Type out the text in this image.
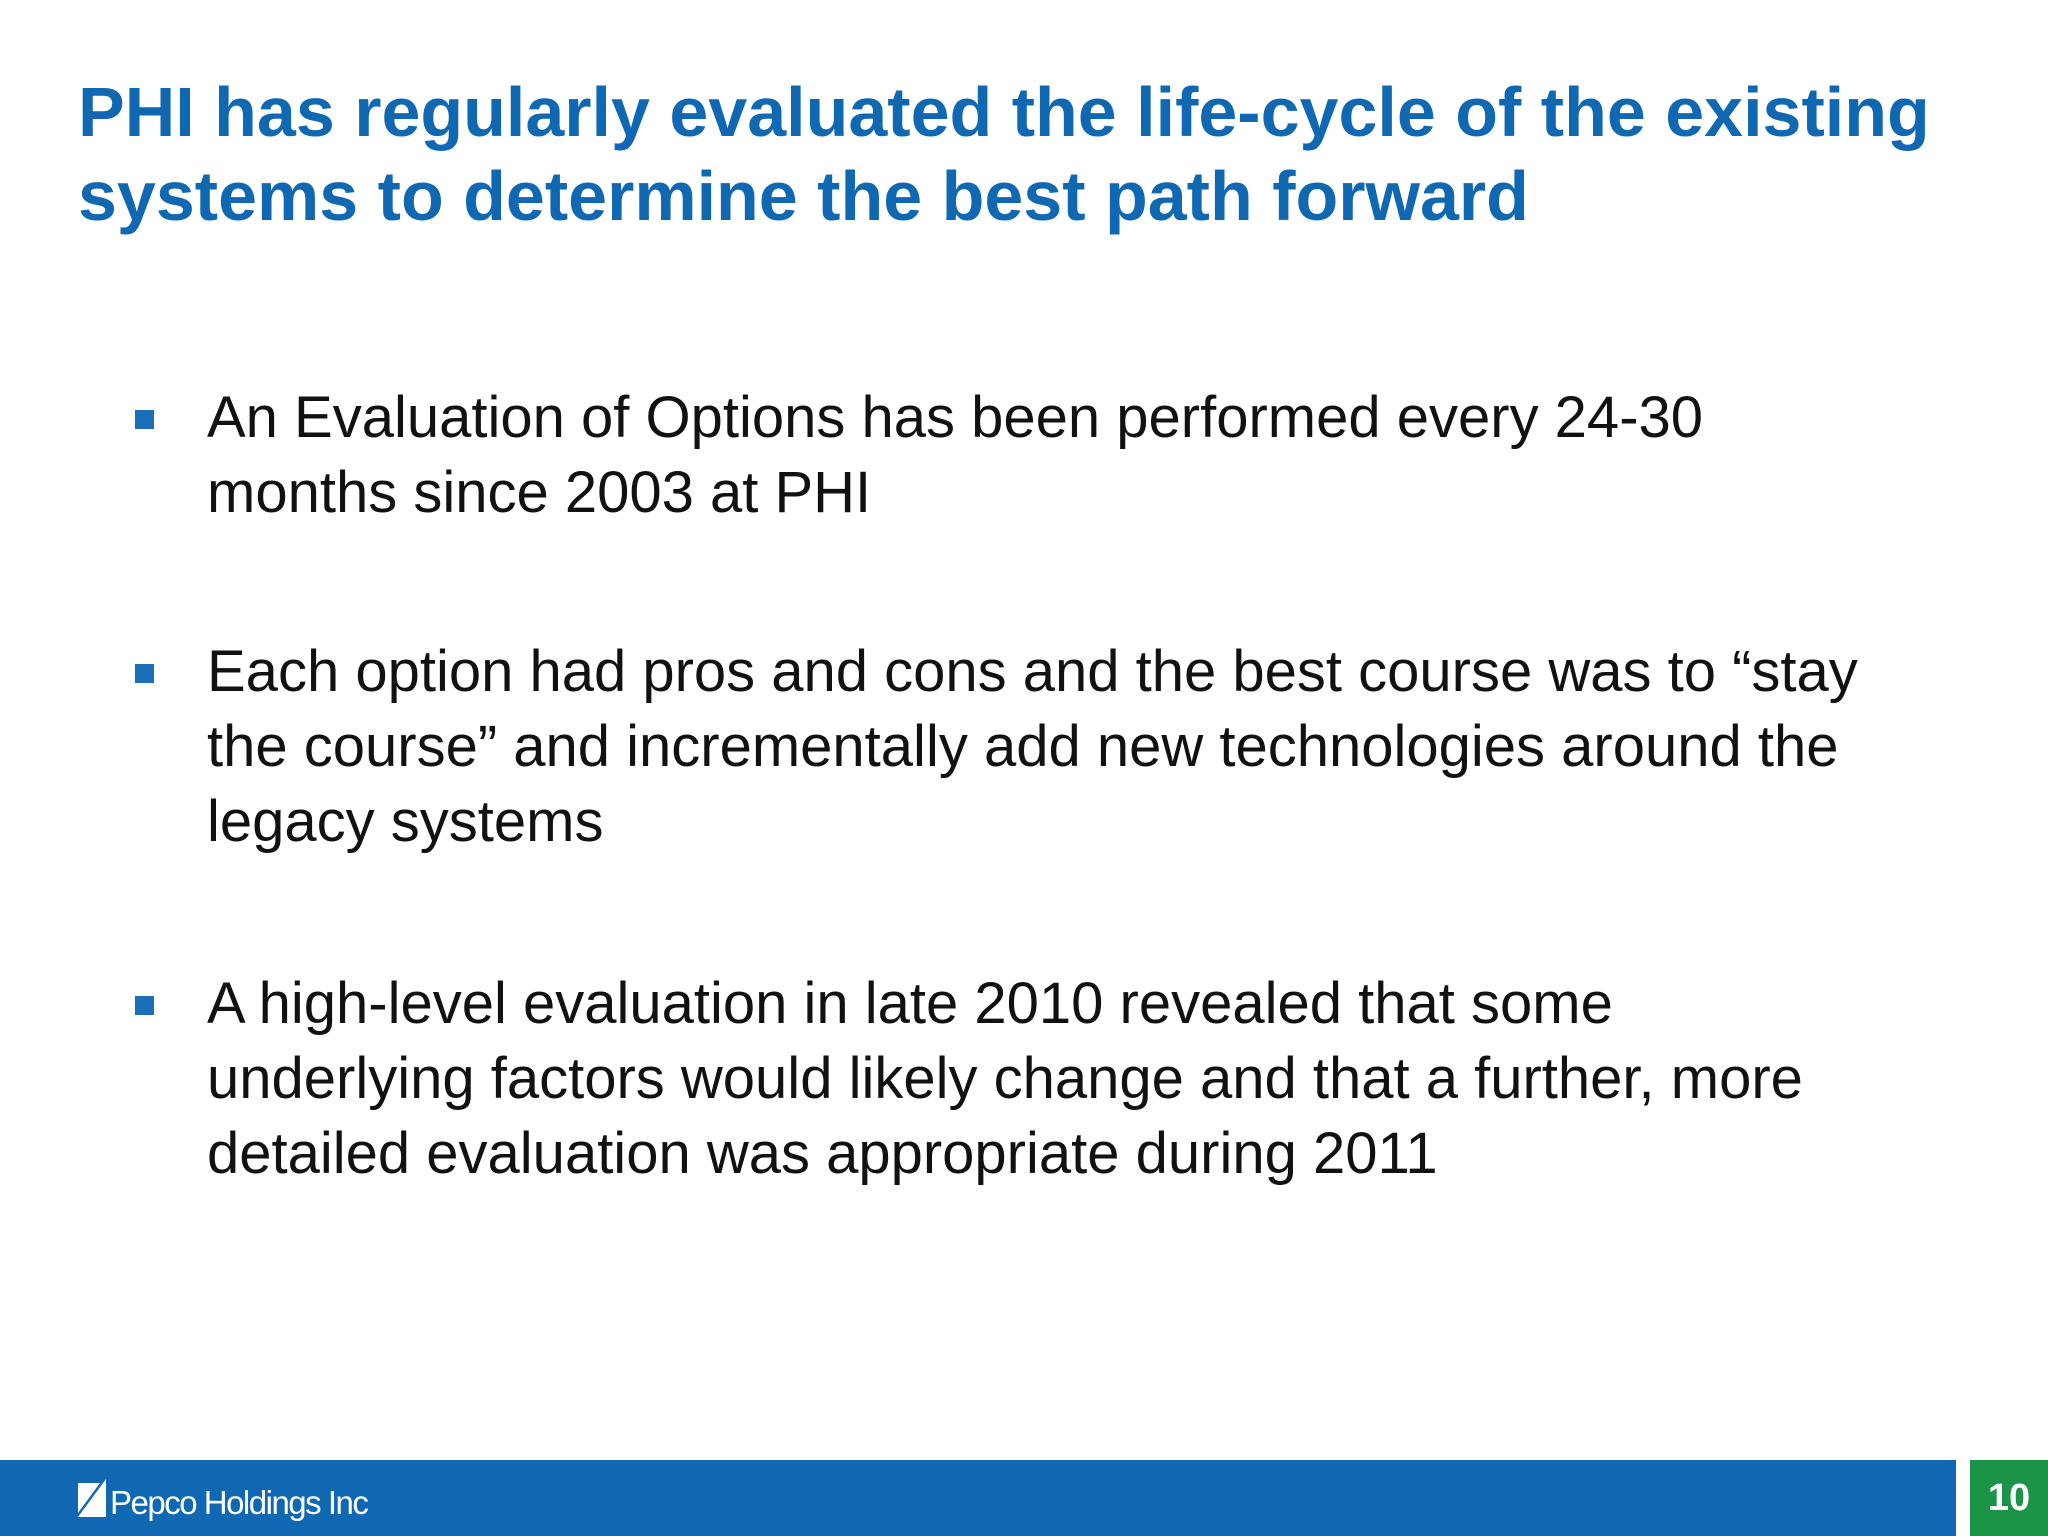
PHI has regularly evaluated the life-cycle of the existing systems to determine the best path forward
An Evaluation of Options has been performed every 24-30 months since 2003 at PHI
Each option had pros and cons and the best course was to “stay the course” and incrementally add new technologies around the legacy systems
A high-level evaluation in late 2010 revealed that some underlying factors would likely change and that a further, more detailed evaluation was appropriate during 2011
Pepco Holdings Inc	10
